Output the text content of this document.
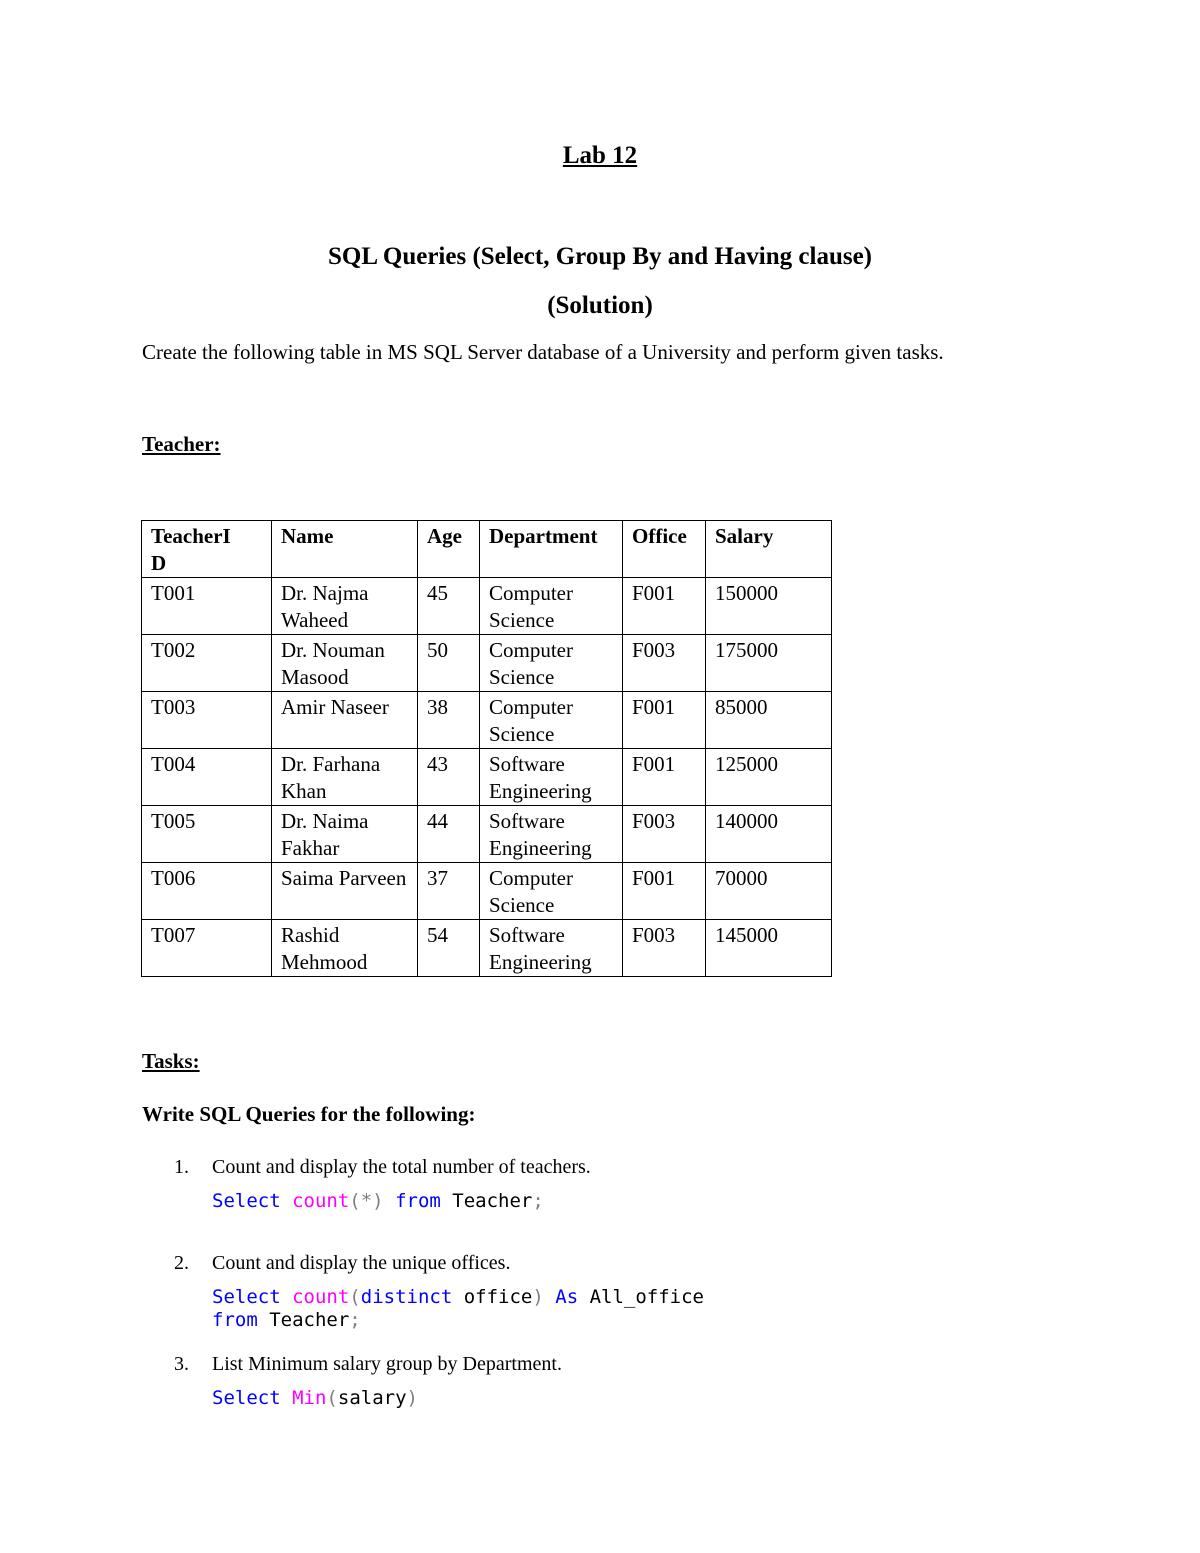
Lab 12
SQL Queries (Select, Group By and Having clause)
(Solution)
Create the following table in MS SQL Server database of a University and perform given tasks.
Teacher:
TeacherI
D	Name	Age	Department	Office	Salary
T001	Dr. Najma Waheed	45	Computer Science	F001	150000
T002	Dr. Nouman Masood	50	Computer Science	F003	175000
T003	Amir Naseer	38	Computer Science	F001	85000
T004	Dr. Farhana Khan	43	Software Engineering	F001	125000
T005	Dr. Naima Fakhar	44	Software Engineering	F003	140000
T006	Saima Parveen	37	Computer Science	F001	70000
T007	Rashid Mehmood	54	Software Engineering	F003	145000
Tasks:
Write SQL Queries for the following:
1. Count and display the total number of teachers.
Select count(*) from Teacher;
2. Count and display the unique offices.
Select count(distinct office) As All_office
from Teacher;
3. List Minimum salary group by Department.
Select Min(salary)
